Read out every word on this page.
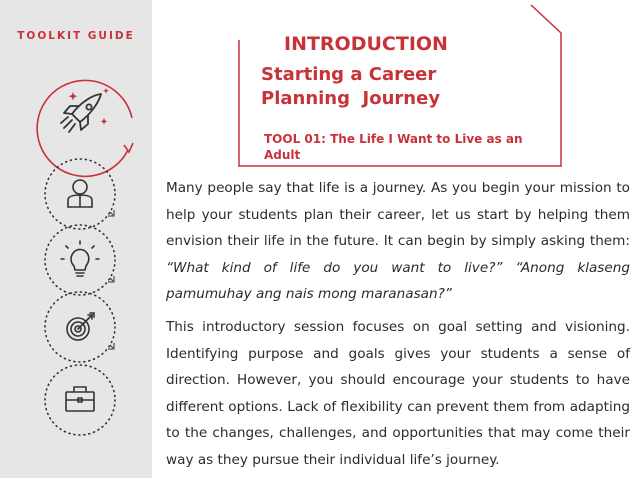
TOOLKIT GUIDE	INTRODUCTION
Starting a Career
Planning  Journey
TOOL 01: The Life I Want to Live as an Adult

Many people say that life is a journey. As you begin your mission to help your students plan their career, let us start by helping them envision their life in the future. It can begin by simply asking them: “What kind of life do you want to live?” “Anong klaseng pamumuhay ang nais mong maranasan?”

This introductory session focuses on goal setting and visioning. Identifying purpose and goals gives your students a sense of direction. However, you should encourage your students to have different options. Lack of flexibility can prevent them from adapting to the changes, challenges, and opportunities that may come their way as they pursue their individual life’s journey.
